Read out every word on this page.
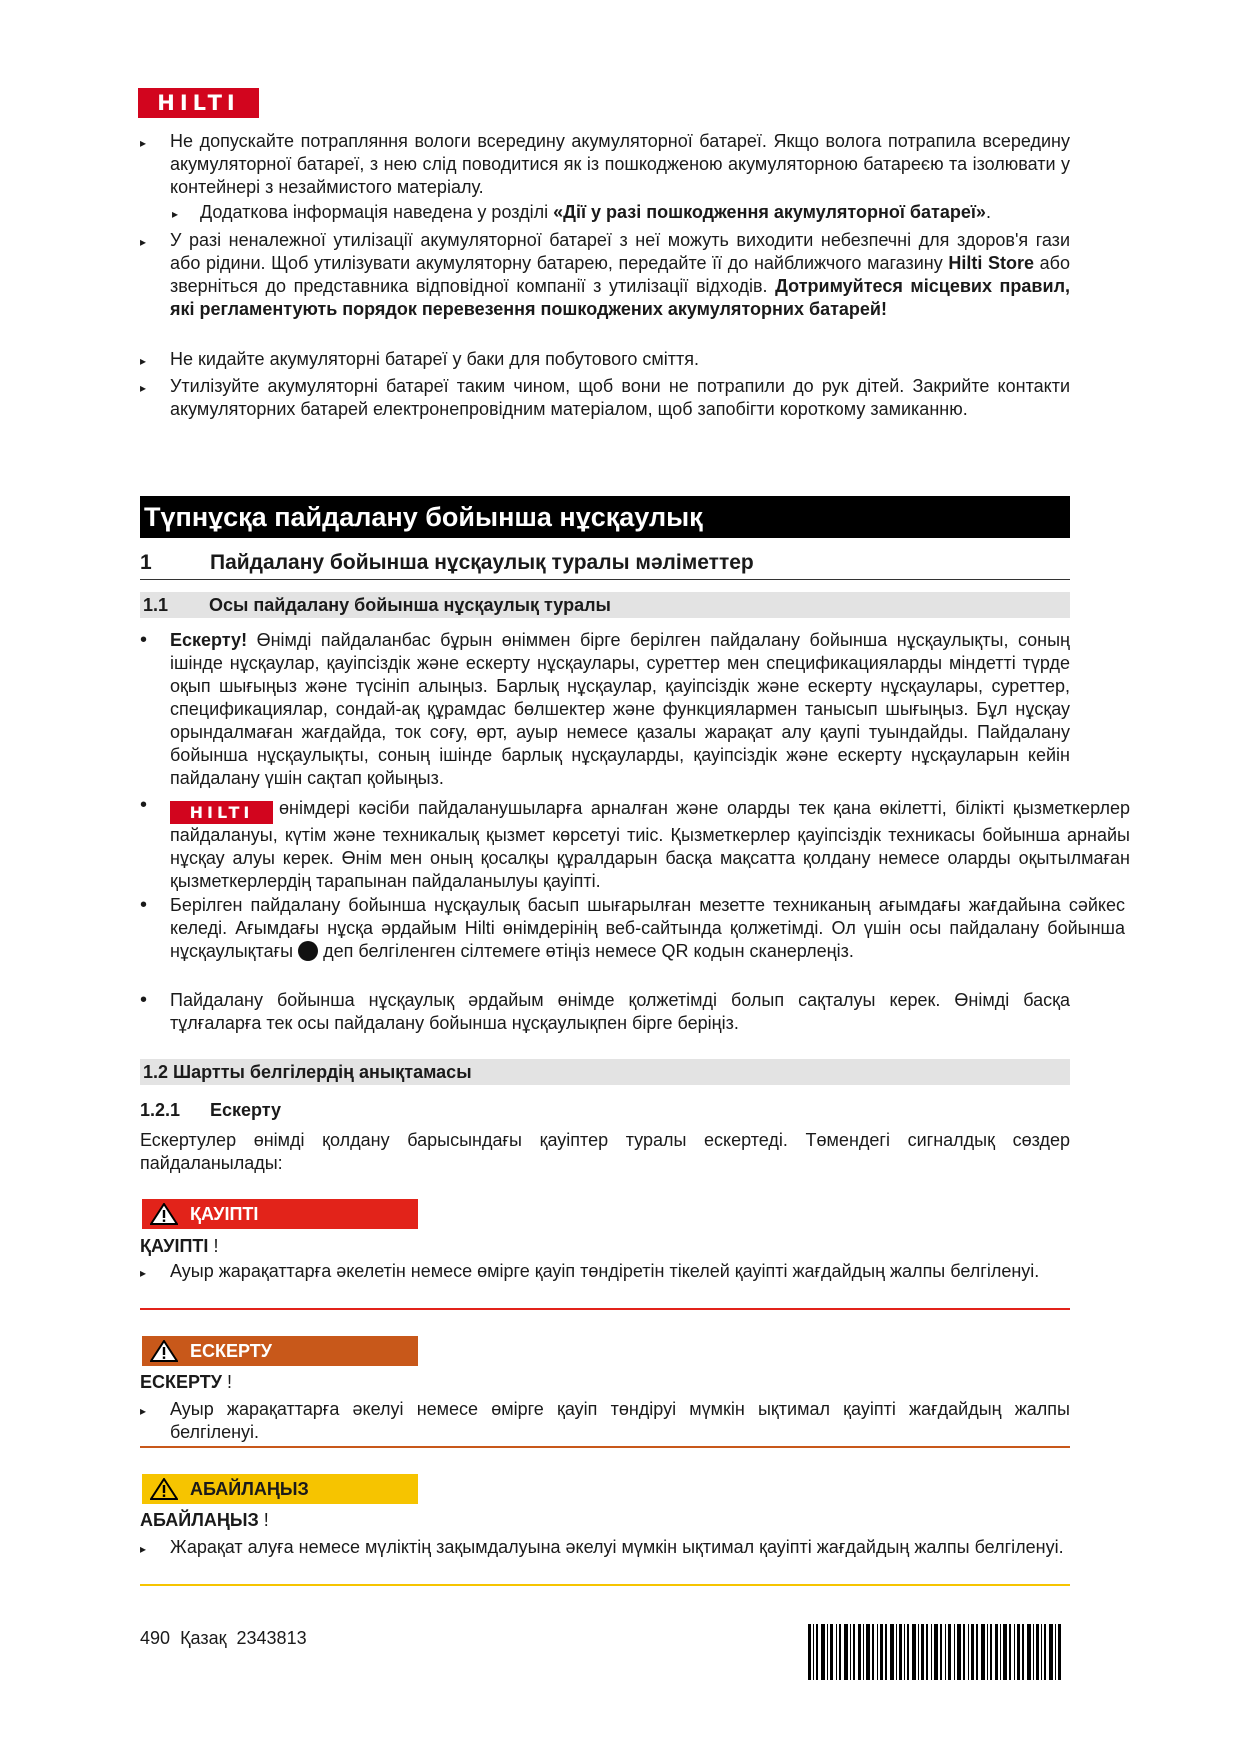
HILTI
▸ Не допускайте потрапляння вологи всередину акумуляторної батареї. Якщо волога потрапила всередину акумуляторної батареї, з нею слід поводитися як із пошкодженою акумуляторною батареєю та ізолювати у контейнері з незаймистого матеріалу.
▸ Додаткова інформація наведена у розділі «Дії у разі пошкодження акумуляторної батареї».
▸ У разі неналежної утилізації акумуляторної батареї з неї можуть виходити небезпечні для здоров'я гази або рідини. Щоб утилізувати акумуляторну батарею, передайте її до найближчого магазину Hilti Store або зверніться до представника відповідної компанії з утилізації відходів. Дотримуйтеся місцевих правил, які регламентують порядок перевезення пошкоджених акумуляторних батарей!
▸ Не кидайте акумуляторні батареї у баки для побутового сміття.
▸ Утилізуйте акумуляторні батареї таким чином, щоб вони не потрапили до рук дітей. Закрийте контакти акумуляторних батарей електронепровідним матеріалом, щоб запобігти короткому замиканню.
Түпнұсқа пайдалану бойынша нұсқаулық
1	Пайдалану бойынша нұсқаулық туралы мәліметтер
1.1 Осы пайдалану бойынша нұсқаулық туралы
• Ескерту! Өнімді пайдаланбас бұрын өніммен бірге берілген пайдалану бойынша нұсқаулықты, соның ішінде нұсқаулар, қауіпсіздік және ескерту нұсқаулары, суреттер мен спецификацияларды міндетті түрде оқып шығыңыз және түсініп алыңыз. Барлық нұсқаулар, қауіпсіздік және ескерту нұсқаулары, суреттер, спецификациялар, сондай-ақ құрамдас бөлшектер және функциялармен танысып шығыңыз. Бұл нұсқау орындалмаған жағдайда, ток соғу, өрт, ауыр немесе қазалы жарақат алу қаупі туындайды. Пайдалану бойынша нұсқаулықты, соның ішінде барлық нұсқауларды, қауіпсіздік және ескерту нұсқауларын кейін пайдалану үшін сақтап қойыңыз.
•	HILTI өнімдері кәсіби пайдаланушыларға арналған және оларды тек қана өкілетті, білікті қызметкерлер пайдалануы, күтім және техникалық қызмет көрсетуі тиіс. Қызметкерлер қауіпсіздік техникасы бойынша арнайы нұсқау алуы керек. Өнім мен оның қосалқы құралдарын басқа мақсатта қолдану немесе оларды оқытылмаған қызметкерлердің тарапынан пайдаланылуы қауіпті.
• Берілген пайдалану бойынша нұсқаулық басып шығарылған мезетте техниканың ағымдағы жағдайына сәйкес келеді. Ағымдағы нұсқа әрдайым Hilti өнімдерінің веб-сайтында қолжетімді. Ол үшін осы пайдалану бойынша нұсқаулықтағы  деп белгіленген сілтемеге өтіңіз немесе QR кодын сканерлеңіз.
• Пайдалану бойынша нұсқаулық әрдайым өнімде қолжетімді болып сақталуы керек. Өнімді басқа тұлғаларға тек осы пайдалану бойынша нұсқаулықпен бірге беріңіз.
1.2 Шартты белгілердің анықтамасы
1.2.1 Ескерту
Ескертулер өнімді қолдану барысындағы қауіптер туралы ескертеді. Төмендегі сигналдық сөздер пайдаланылады:
ҚАУІПТІ
ҚАУІПТІ !
▸ Ауыр жарақаттарға әкелетін немесе өмірге қауіп төндіретін тікелей қауіпті жағдайдың жалпы белгіленуі.
ЕСКЕРТУ
ЕСКЕРТУ !
▸ Ауыр жарақаттарға әкелуі немесе өмірге қауіп төндіруі мүмкін ықтимал қауіпті жағдайдың жалпы белгіленуі.
АБАЙЛАҢЫЗ
АБАЙЛАҢЫЗ !
▸ Жарақат алуға немесе мүліктің зақымдалуына әкелуі мүмкін ықтимал қауіпті жағдайдың жалпы белгіленуі.
490 Қазақ 2343813
